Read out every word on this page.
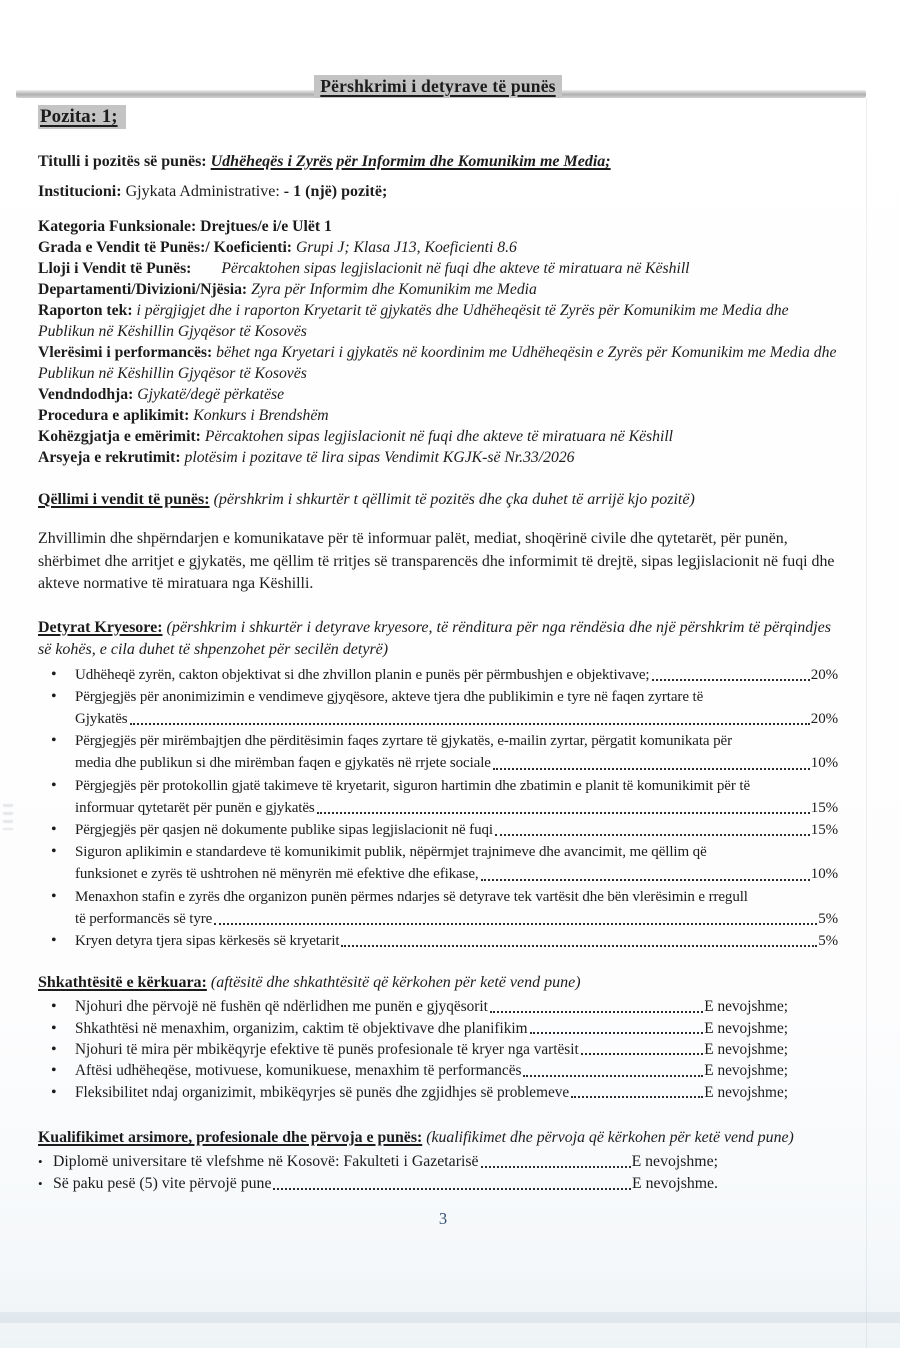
Përshkrimi i detyrave të punës
Pozita: 1;
Titulli i pozitës së punës: Udhëheqës i Zyrës për Informim dhe Komunikim me Media;
Institucioni: Gjykata Administrative: - 1 (një) pozitë;
Kategoria Funksionale: Drejtues/e i/e Ulët 1
Grada e Vendit të Punës:/ Koeficienti: Grupi J; Klasa J13, Koeficienti 8.6
Lloji i Vendit të Punës: Përcaktohen sipas legjislacionit në fuqi dhe akteve të miratuara në Këshill
Departamenti/Divizioni/Njësia: Zyra për Informim dhe Komunikim me Media
Raporton tek: i përgjigjet dhe i raporton Kryetarit të gjykatës dhe Udhëheqësit të Zyrës për Komunikim me Media dhe Publikun në Këshillin Gjyqësor të Kosovës
Vlerësimi i performancës: bëhet nga Kryetari i gjykatës në koordinim me Udhëheqësin e Zyrës për Komunikim me Media dhe Publikun në Këshillin Gjyqësor të Kosovës
Vendndodhja: Gjykatë/degë përkatëse
Procedura e aplikimit: Konkurs i Brendshëm
Kohëzgjatja e emërimit: Përcaktohen sipas legjislacionit në fuqi dhe akteve të miratuara në Këshill
Arsyeja e rekrutimit: plotësim i pozitave të lira sipas Vendimit KGJK-së Nr.33/2026
Qëllimi i vendit të punës: (përshkrim i shkurtër t qëllimit të pozitës dhe çka duhet të arrijë kjo pozitë)

Zhvillimin dhe shpërndarjen e komunikatave për të informuar palët, mediat, shoqërinë civile dhe qytetarët, për punën, shërbimet dhe arritjet e gjykatës, me qëllim të rritjes së transparencës dhe informimit të drejtë, sipas legjislacionit në fuqi dhe akteve normative të miratuara nga Këshilli.

Detyrat Kryesore: (përshkrim i shkurtër i detyrave kryesore, të rënditura për nga rëndësia dhe një përshkrim të përqindjes së kohës, e cila duhet të shpenzohet për secilën detyrë)
•	Udhëheqë zyrën, cakton objektivat si dhe zhvillon planin e punës për përmbushjen e objektivave;	20%
•	Përgjegjës për anonimizimin e vendimeve gjyqësore, akteve tjera dhe publikimin e tyre në faqen zyrtare të
Gjykatës	20%
•	Përgjegjës për mirëmbajtjen dhe përditësimin faqes zyrtare të gjykatës, e-mailin zyrtar, përgatit komunikata për
media dhe publikun si dhe mirëmban faqen e gjykatës në rrjete sociale	10%
•	Përgjegjës për protokollin gjatë takimeve të kryetarit, siguron hartimin dhe zbatimin e planit të komunikimit për të
informuar qytetarët për punën e gjykatës	15%
•	Përgjegjës për qasjen në dokumente publike sipas legjislacionit në fuqi	15%
•	Siguron aplikimin e standardeve të komunikimit publik, nëpërmjet trajnimeve dhe avancimit, me qëllim që
funksionet e zyrës të ushtrohen në mënyrën më efektive dhe efikase,	10%
•	Menaxhon stafin e zyrës dhe organizon punën përmes ndarjes së detyrave tek vartësit dhe bën vlerësimin e rregull
të performancës së tyre	5%
•	Kryen detyra tjera sipas kërkesës së kryetarit	5%
Shkathtësitë e kërkuara: (aftësitë dhe shkathtësitë që kërkohen për ketë vend pune)
•	Njohuri dhe përvojë në fushën që ndërlidhen me punën e gjyqësorit	E nevojshme;
•	Shkathtësi në menaxhim, organizim, caktim të objektivave dhe planifikim	E nevojshme;
•	Njohuri të mira për mbikëqyrje efektive të punës profesionale të kryer nga vartësit	E nevojshme;
•	Aftësi udhëheqëse, motivuese, komunikuese, menaxhim të performancës	E nevojshme;
•	Fleksibilitet ndaj organizimit, mbikëqyrjes së punës dhe zgjidhjes së problemeve	E nevojshme;
Kualifikimet arsimore, profesionale dhe përvoja e punës: (kualifikimet dhe përvoja që kërkohen për ketë vend pune)
• Diplomë universitare të vlefshme në Kosovë: Fakulteti i Gazetarisë	E nevojshme;
• Së paku pesë (5) vite përvojë pune	E nevojshme.
3
